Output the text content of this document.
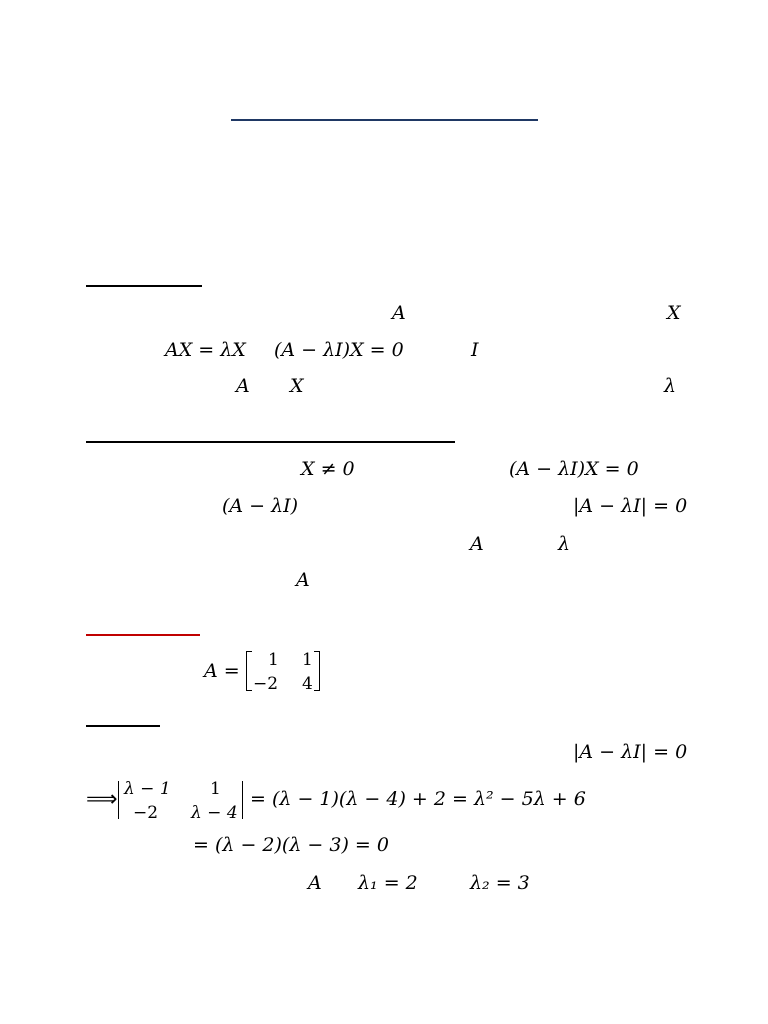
A	X
AX = λX (A − λI)X = 0	I
A X	λ
X ≠ 0	(A − λI)X = 0
(A − λI)	|A − λI| = 0
A	λ
A
A = 1 1
−2 4
|A − λI| = 0
⟹ λ − 1 1
−2 λ − 4
= (λ − 1)(λ − 4) + 2 = λ² − 5λ + 6
= (λ − 2)(λ − 3) = 0
A λ₁ = 2	λ₂ = 3
